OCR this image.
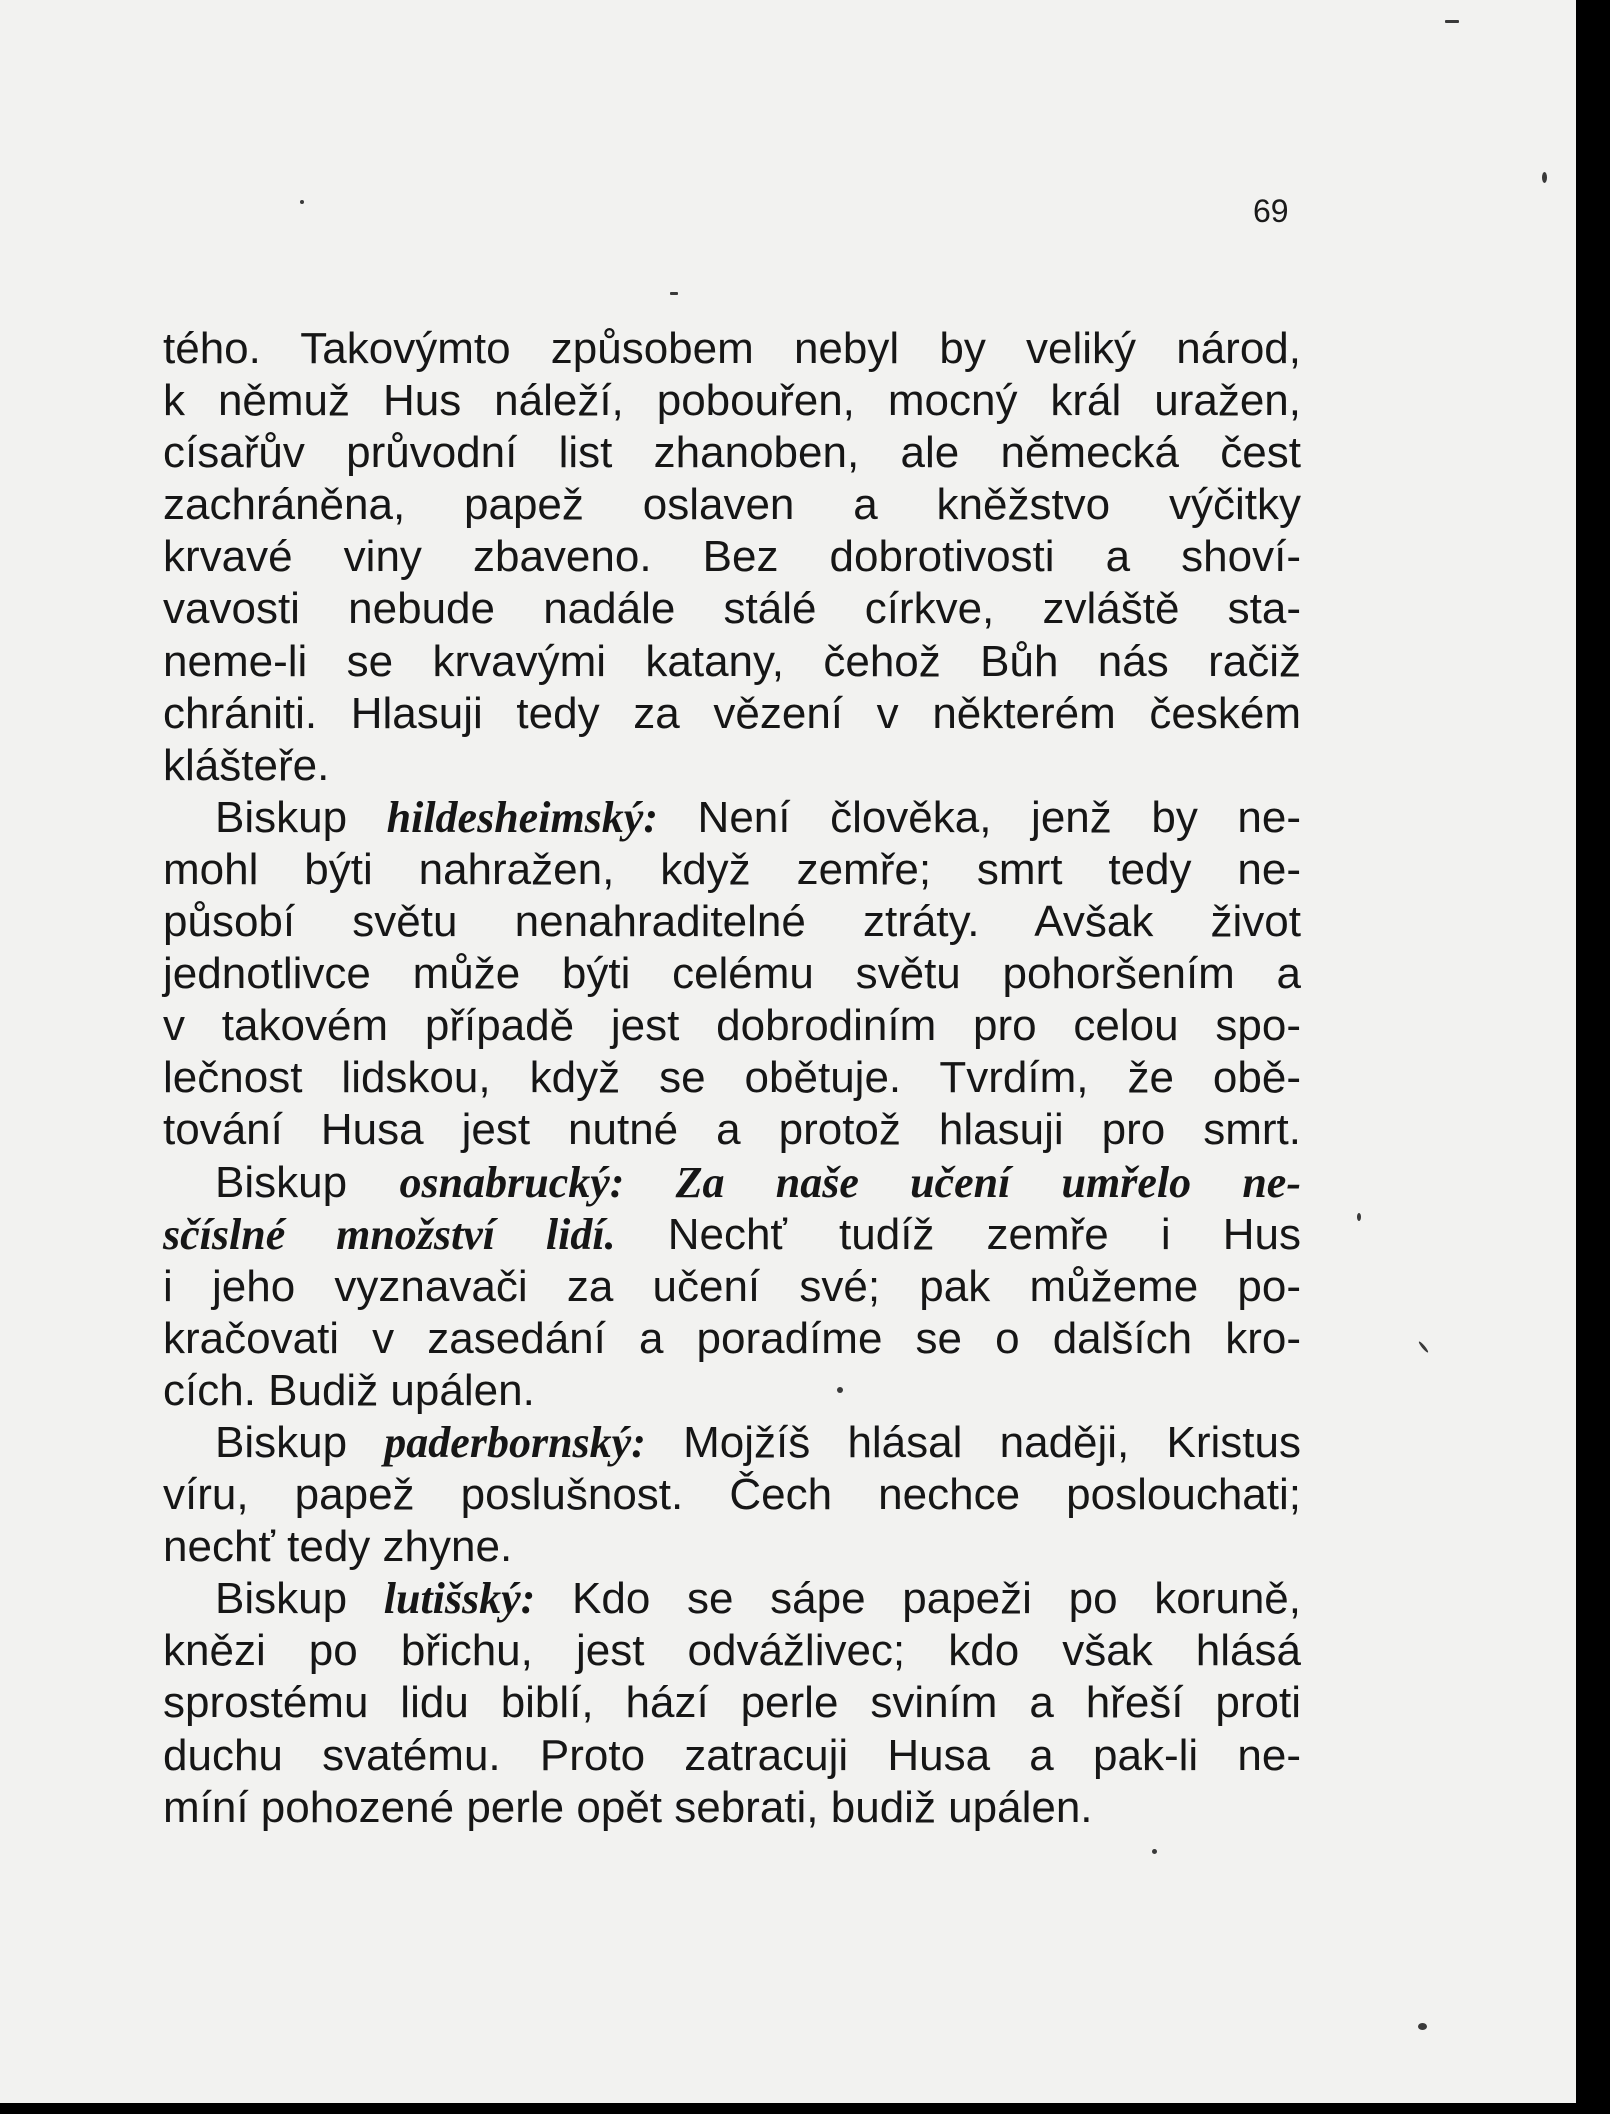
69
tého. Takovýmto způsobem nebyl by veliký národ,
k němuž Hus náleží, pobouřen, mocný král uražen,
císařův průvodní list zhanoben, ale německá čest
zachráněna, papež oslaven a kněžstvo výčitky
krvavé viny zbaveno. Bez dobrotivosti a shoví-
vavosti nebude nadále stálé církve, zvláště sta-
neme-li se krvavými katany, čehož Bůh nás račiž
chrániti. Hlasuji tedy za vězení v některém českém
klášteře.
Biskup hildesheimský: Není člověka, jenž by ne-
mohl býti nahražen, když zemře; smrt tedy ne-
působí světu nenahraditelné ztráty. Avšak život
jednotlivce může býti celému světu pohoršením a
v takovém případě jest dobrodiním pro celou spo-
lečnost lidskou, když se obětuje. Tvrdím, že obě-
tování Husa jest nutné a protož hlasuji pro smrt.
Biskup osnabrucký: Za naše učení umřelo ne-
sčíslné množství lidí. Nechť tudíž zemře i Hus
i jeho vyznavači za učení své; pak můžeme po-
kračovati v zasedání a poradíme se o dalších kro-
cích. Budiž upálen.
Biskup paderbornský: Mojžíš hlásal naději, Kristus
víru, papež poslušnost. Čech nechce poslouchati;
nechť tedy zhyne.
Biskup lutišský: Kdo se sápe papeži po koruně,
knězi po břichu, jest odvážlivec; kdo však hlásá
sprostému lidu biblí, hází perle sviním a hřeší proti
duchu svatému. Proto zatracuji Husa a pak-li ne-
míní pohozené perle opět sebrati, budiž upálen.
